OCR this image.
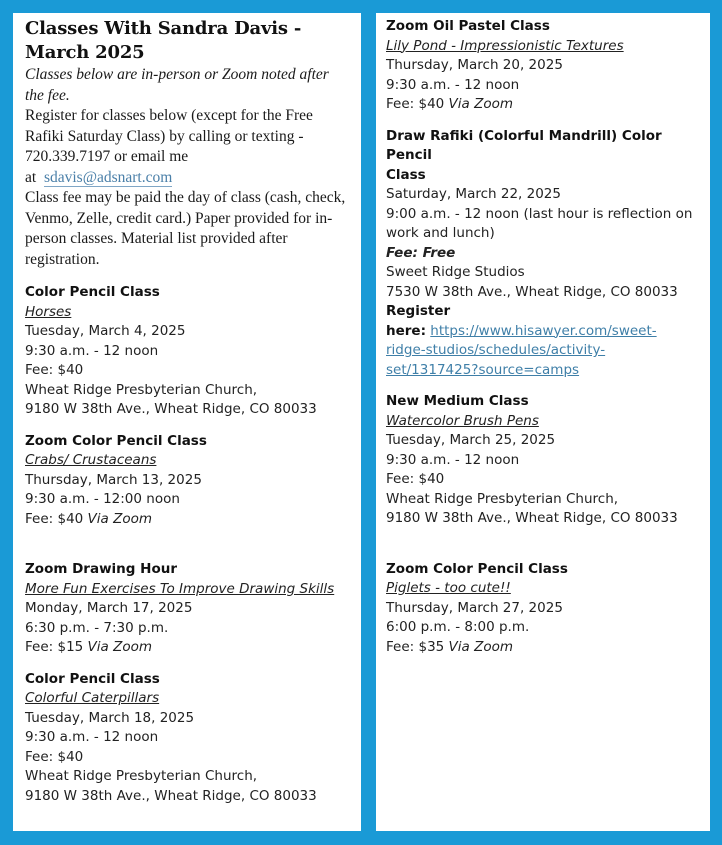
Classes With Sandra Davis -
March 2025
Classes below are in-person or Zoom noted after the fee.
Register for classes below (except for the Free Rafiki Saturday Class) by calling or texting - 720.339.7197 or email me
at sdavis@adsnart.com
Class fee may be paid the day of class (cash, check, Venmo, Zelle, credit card.) Paper provided for in-person classes. Material list provided after registration.
Color Pencil Class
Horses
Tuesday, March 4, 2025
9:30 a.m. - 12 noon
Fee: $40
Wheat Ridge Presbyterian Church,
9180 W 38th Ave., Wheat Ridge, CO 80033
Zoom Color Pencil Class
Crabs/ Crustaceans
Thursday, March 13, 2025
9:30 a.m. - 12:00 noon
Fee: $40 Via Zoom
Zoom Drawing Hour
More Fun Exercises To Improve Drawing Skills
Monday, March 17, 2025
6:30 p.m. - 7:30 p.m.
Fee: $15 Via Zoom
Color Pencil Class
Colorful Caterpillars
Tuesday, March 18, 2025
9:30 a.m. - 12 noon
Fee: $40
Wheat Ridge Presbyterian Church,
9180 W 38th Ave., Wheat Ridge, CO 80033
Zoom Oil Pastel Class
Lily Pond - Impressionistic Textures
Thursday, March 20, 2025
9:30 a.m. - 12 noon
Fee: $40 Via Zoom
Draw Rafiki (Colorful Mandrill) Color Pencil
Class
Saturday, March 22, 2025
9:00 a.m. - 12 noon (last hour is reflection on
work and lunch)
Fee: Free
Sweet Ridge Studios
7530 W 38th Ave., Wheat Ridge, CO 80033
Register
here: https://www.hisawyer.com/sweet-
ridge-studios/schedules/activity-
set/1317425?source=camps
New Medium Class
Watercolor Brush Pens
Tuesday, March 25, 2025
9:30 a.m. - 12 noon
Fee: $40
Wheat Ridge Presbyterian Church,
9180 W 38th Ave., Wheat Ridge, CO 80033
Zoom Color Pencil Class
Piglets - too cute!!
Thursday, March 27, 2025
6:00 p.m. - 8:00 p.m.
Fee: $35 Via Zoom
